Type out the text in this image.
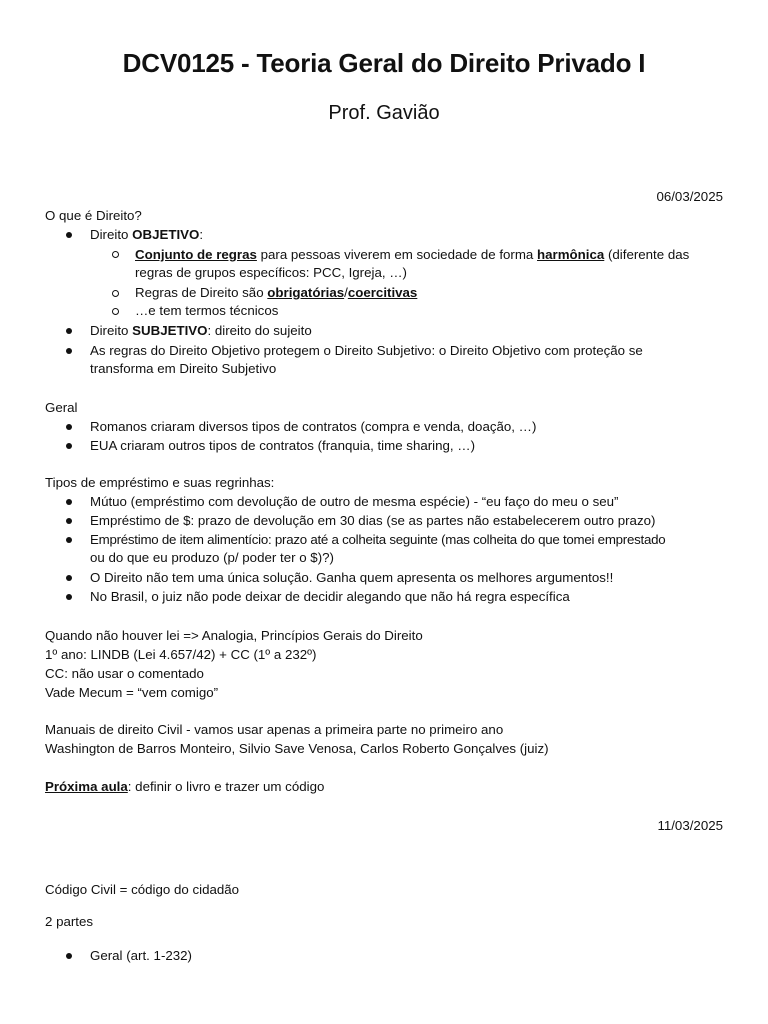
DCV0125 - Teoria Geral do Direito Privado I
Prof. Gavião
06/03/2025
O que é Direito?
Direito OBJETIVO:
Conjunto de regras para pessoas viverem em sociedade de forma harmônica (diferente das
regras de grupos específicos: PCC, Igreja, …)
Regras de Direito são obrigatórias/coercitivas
…e tem termos técnicos
Direito SUBJETIVO: direito do sujeito
As regras do Direito Objetivo protegem o Direito Subjetivo: o Direito Objetivo com proteção se
transforma em Direito Subjetivo
Geral
Romanos criaram diversos tipos de contratos (compra e venda, doação, …)
EUA criaram outros tipos de contratos (franquia, time sharing, …)
Tipos de empréstimo e suas regrinhas:
Mútuo (empréstimo com devolução de outro de mesma espécie) - “eu faço do meu o seu”
Empréstimo de $: prazo de devolução em 30 dias (se as partes não estabelecerem outro prazo)
Empréstimo de item alimentício: prazo até a colheita seguinte (mas colheita do que tomei emprestado
ou do que eu produzo (p/ poder ter o $)?)
O Direito não tem uma única solução. Ganha quem apresenta os melhores argumentos!!
No Brasil, o juiz não pode deixar de decidir alegando que não há regra específica
Quando não houver lei => Analogia, Princípios Gerais do Direito
1º ano: LINDB (Lei 4.657/42) + CC (1º a 232º)
CC: não usar o comentado
Vade Mecum = “vem comigo”
Manuais de direito Civil - vamos usar apenas a primeira parte no primeiro ano
Washington de Barros Monteiro, Silvio Save Venosa, Carlos Roberto Gonçalves (juiz)
Próxima aula: definir o livro e trazer um código
11/03/2025
Código Civil = código do cidadão
2 partes
Geral (art. 1-232)
